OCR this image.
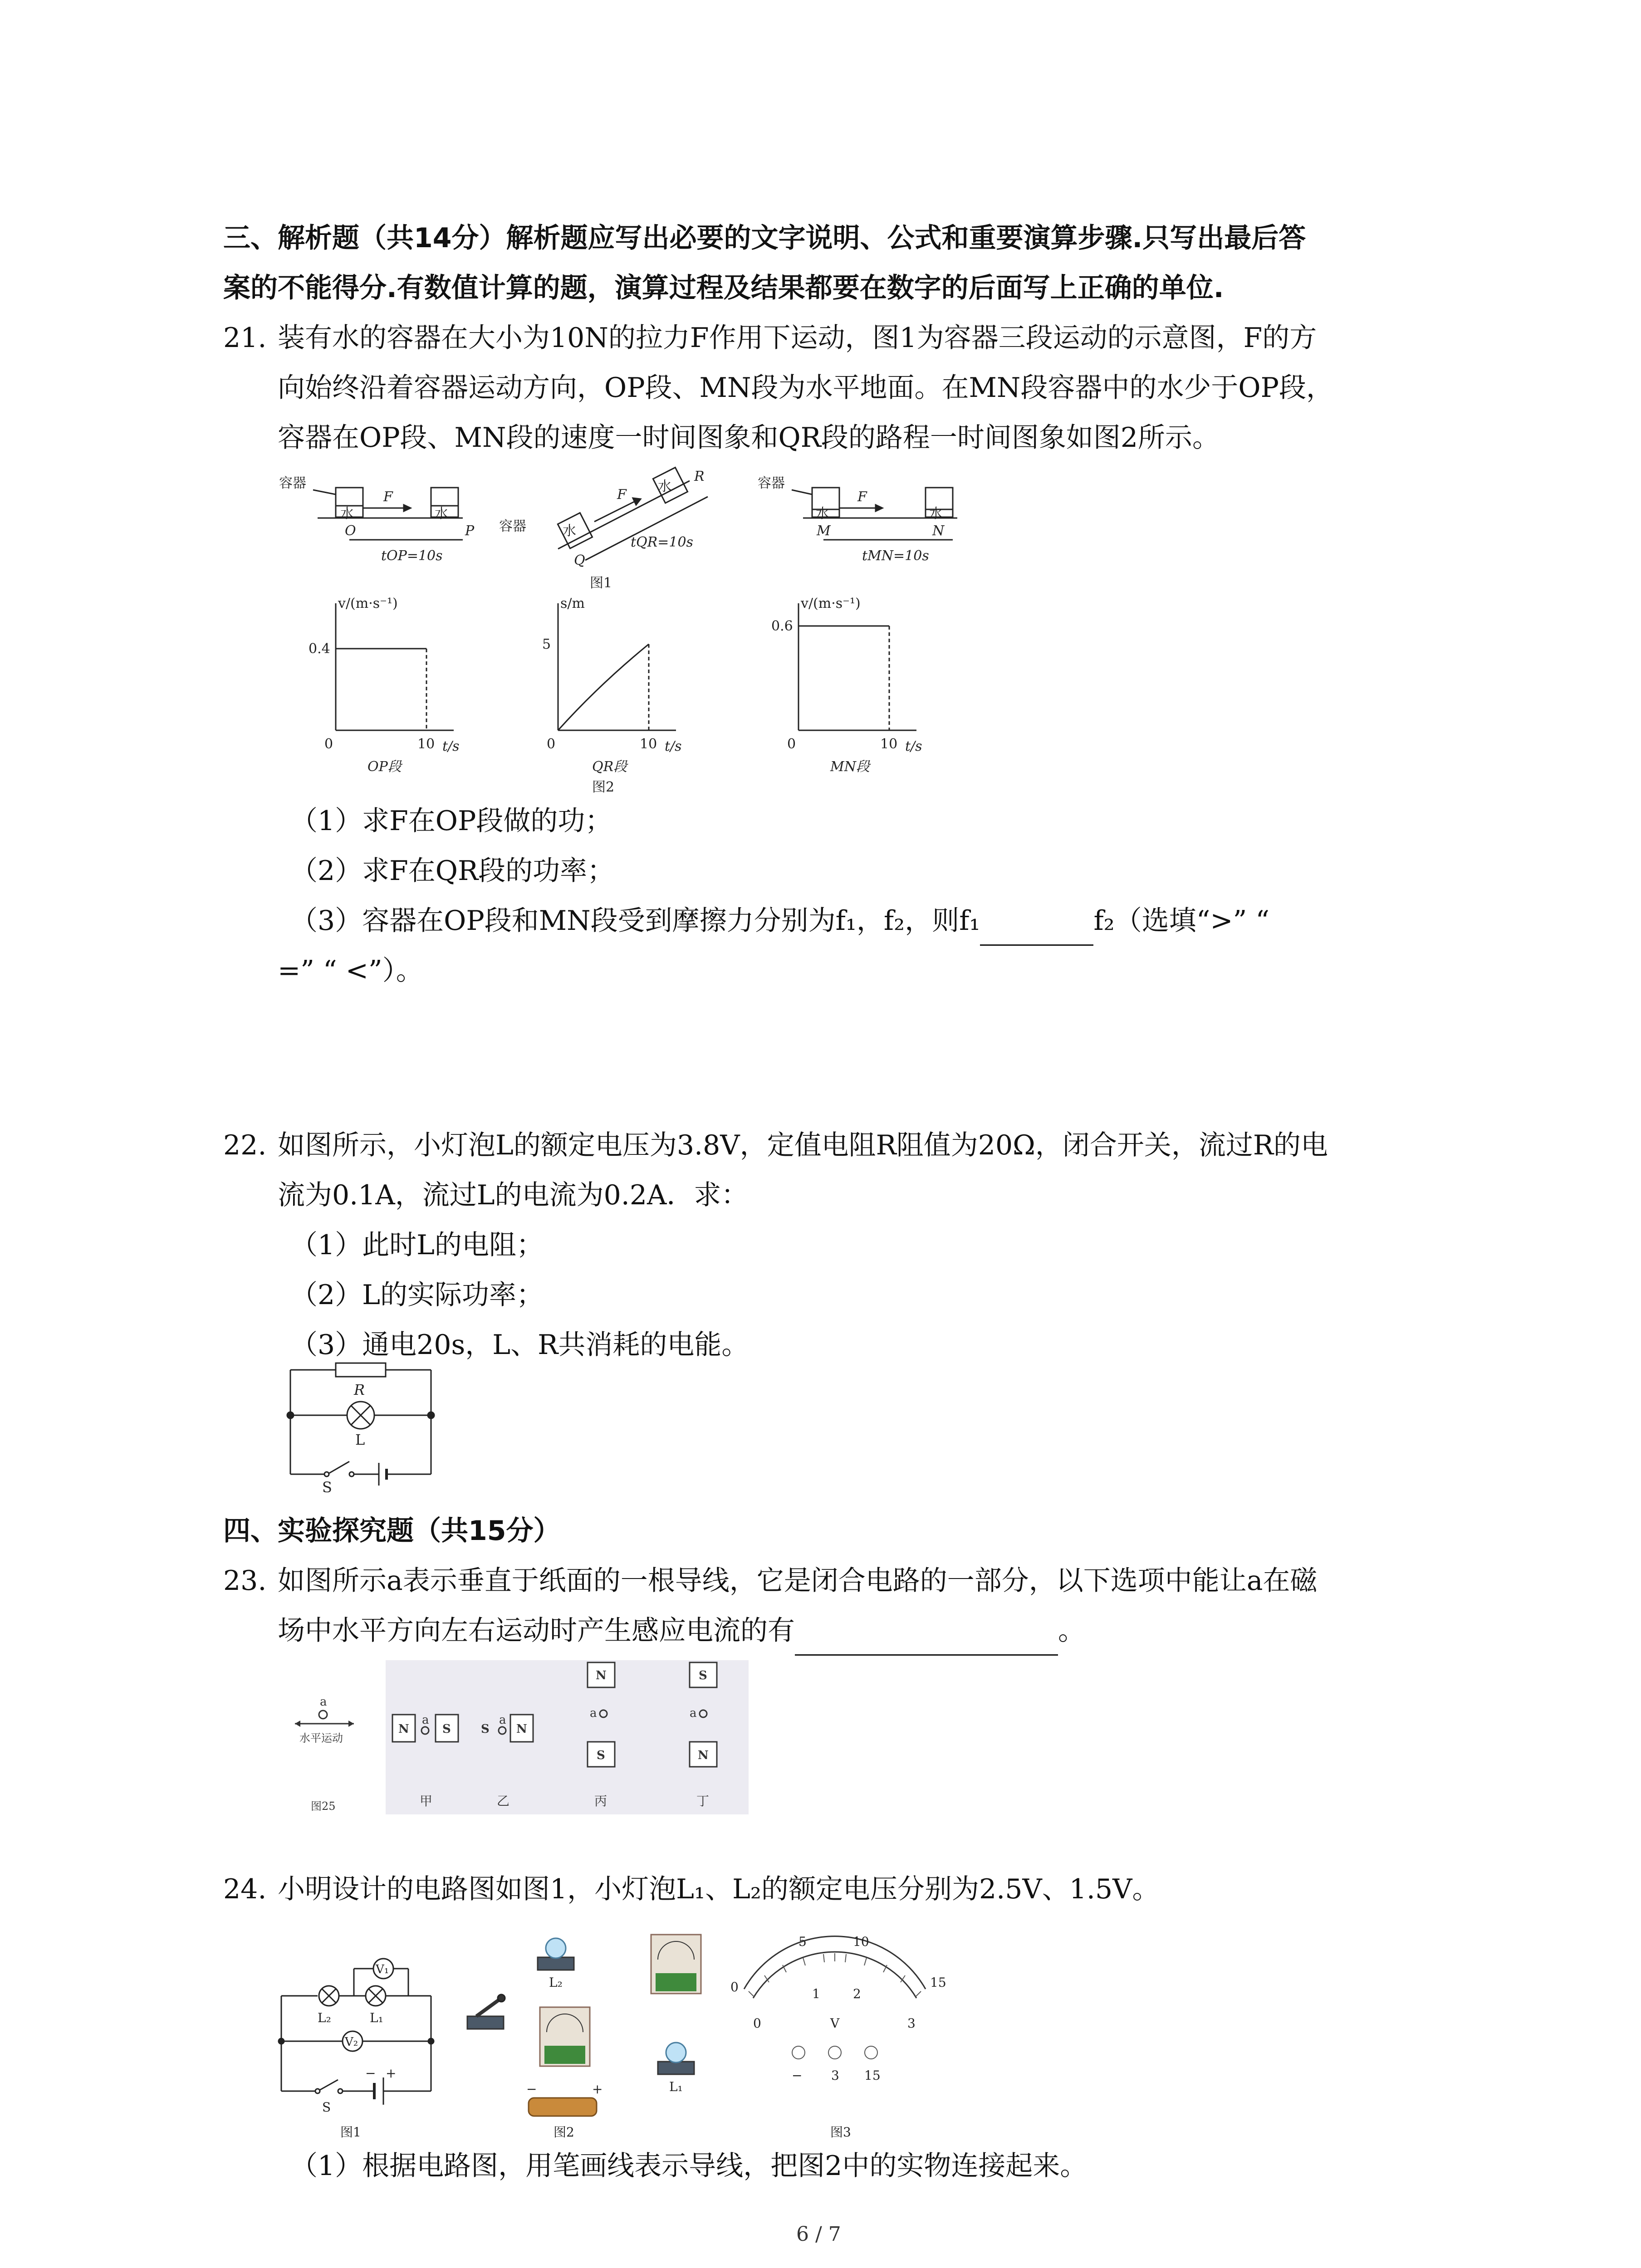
三、解析题（共14分）解析题应写出必要的文字说明、公式和重要演算步骤.只写出最后答
案的不能得分.有数值计算的题，演算过程及结果都要在数字的后面写上正确的单位.
21. 装有水的容器在大小为10N的拉力F作用下运动，图1为容器三段运动的示意图，F的方
向始终沿着容器运动方向，OP段、MN段为水平地面。在MN段容器中的水少于OP段，
容器在OP段、MN段的速度一时间图象和QR段的路程一时间图象如图2所示。
容器
水	水
F
O	P
tOP=10s
容器	水
水
F
R
Q
tQR=10s
容器
水	水
F
M	N
tMN=10s
图1
v/(m·s⁻¹)
0.4
0	10 t/s
OP段
s/m
5
0	10 t/s
QR段
图2
v/(m·s⁻¹)
0.6
0	10 t/s
MN段
（1）求F在OP段做的功；
（2）求F在QR段的功率；
（3）容器在OP段和MN段受到摩擦力分别为f₁，f₂，则f₁	f₂（选填“>” “
=” “ <”）。
22. 如图所示，小灯泡L的额定电压为3.8V，定值电阻R阻值为20Ω，闭合开关，流过R的电
流为0.1A，流过L的电流为0.2A．求：
（1）此时L的电阻；
（2）L的实际功率；
（3）通电20s，L、R共消耗的电能。
R
L
S
四、实验探究题（共15分）
23. 如图所示a表示垂直于纸面的一根导线，它是闭合电路的一部分，以下选项中能让a在磁
场中水平方向左右运动时产生感应电流的有	。
a
水平运动
图25
N
a
S
甲
S
a
N
乙
N
a
S
丙
S
a
N
丁
24. 小明设计的电路图如图1，小灯泡L₁、L₂的额定电压分别为2.5V、1.5V。
V₁
L₂	L₁
V₂
− +
S
图1
L₂
L₁
−	+
图2
0
5	10
15
0
1	2
3
V
− 3 15
图3
（1）根据电路图，用笔画线表示导线，把图2中的实物连接起来。
6 / 7
